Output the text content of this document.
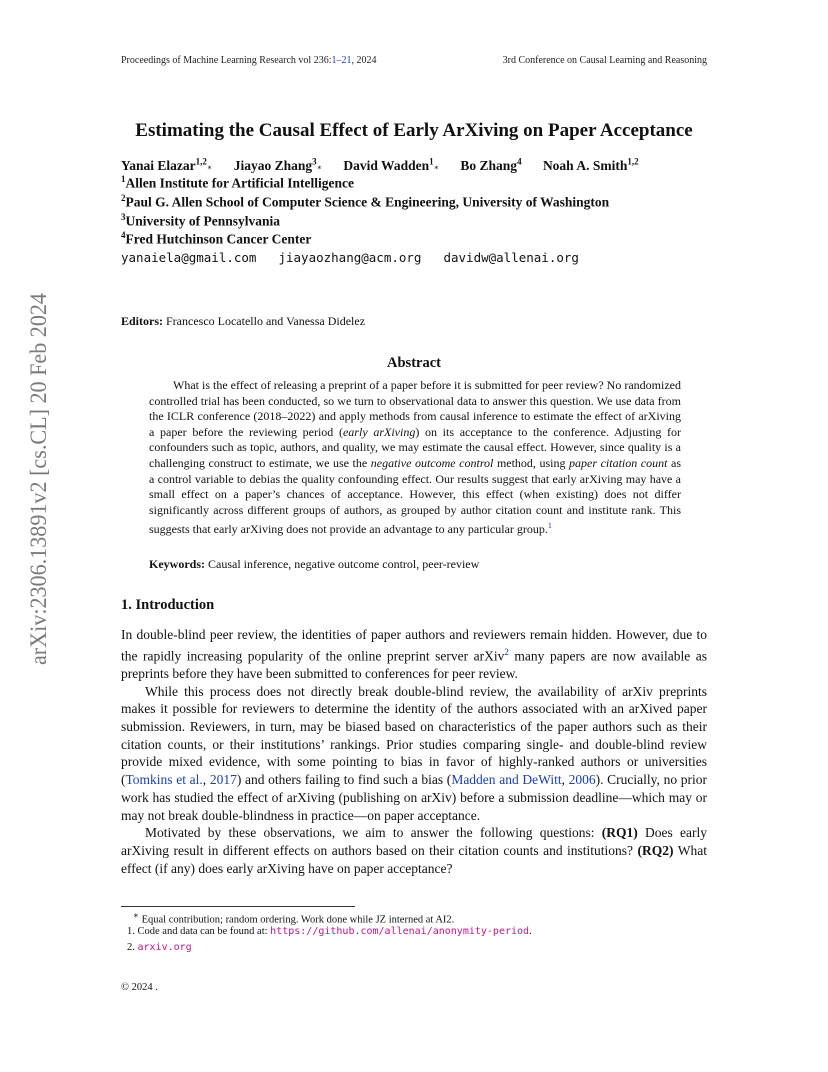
Proceedings of Machine Learning Research vol 236:1–21, 2024	3rd Conference on Causal Learning and Reasoning
arXiv:2306.13891v2 [cs.CL] 20 Feb 2024
Estimating the Causal Effect of Early ArXiving on Paper Acceptance
Yanai Elazar$^{1,2}$∗ Jiayao Zhang$^3$∗ David Wadden$^1$∗ Bo Zhang$^4$ Noah A. Smith$^{1,2}$
$^1$Allen Institute for Artificial Intelligence
$^2$Paul G. Allen School of Computer Science & Engineering, University of Washington
$^3$University of Pennsylvania
$^4$Fred Hutchinson Cancer Center
yanaiela@gmail.com jiayaozhang@acm.org davidw@allenai.org
Editors: Francesco Locatello and Vanessa Didelez
Abstract

What is the effect of releasing a preprint of a paper before it is submitted for peer review? No randomized controlled trial has been conducted, so we turn to observational data to answer this question. We use data from the ICLR conference (2018–2022) and apply methods from causal inference to estimate the effect of arXiving a paper before the reviewing period (early arXiving) on its acceptance to the conference. Adjusting for confounders such as topic, authors, and quality, we may estimate the causal effect. However, since quality is a challenging construct to estimate, we use the negative outcome control method, using paper citation count as a control variable to debias the quality confounding effect. Our results suggest that early arXiving may have a small effect on a paper’s chances of acceptance. However, this effect (when existing) does not differ significantly across different groups of authors, as grouped by author citation count and institute rank. This suggests that early arXiving does not provide an advantage to any particular group.$^1$

Keywords: Causal inference, negative outcome control, peer-review
1. Introduction

In double-blind peer review, the identities of paper authors and reviewers remain hidden. However, due to the rapidly increasing popularity of the online preprint server arXiv$^2$ many papers are now available as preprints before they have been submitted to conferences for peer review.

While this process does not directly break double-blind review, the availability of arXiv preprints makes it possible for reviewers to determine the identity of the authors associated with an arXived paper submission. Reviewers, in turn, may be biased based on characteristics of the paper authors such as their citation counts, or their institutions’ rankings. Prior studies comparing single- and double-blind review provide mixed evidence, with some pointing to bias in favor of highly-ranked authors or universities (Tomkins et al., 2017) and others failing to find such a bias (Madden and DeWitt, 2006). Crucially, no prior work has studied the effect of arXiving (publishing on arXiv) before a submission deadline—which may or may not break double-blindness in practice—on paper acceptance.

Motivated by these observations, we aim to answer the following questions: (RQ1) Does early arXiving result in different effects on authors based on their citation counts and institutions? (RQ2) What effect (if any) does early arXiving have on paper acceptance?

∗ Equal contribution; random ordering. Work done while JZ interned at AI2.
1. Code and data can be found at: https://github.com/allenai/anonymity-period.
2. arxiv.org
© 2024 .
